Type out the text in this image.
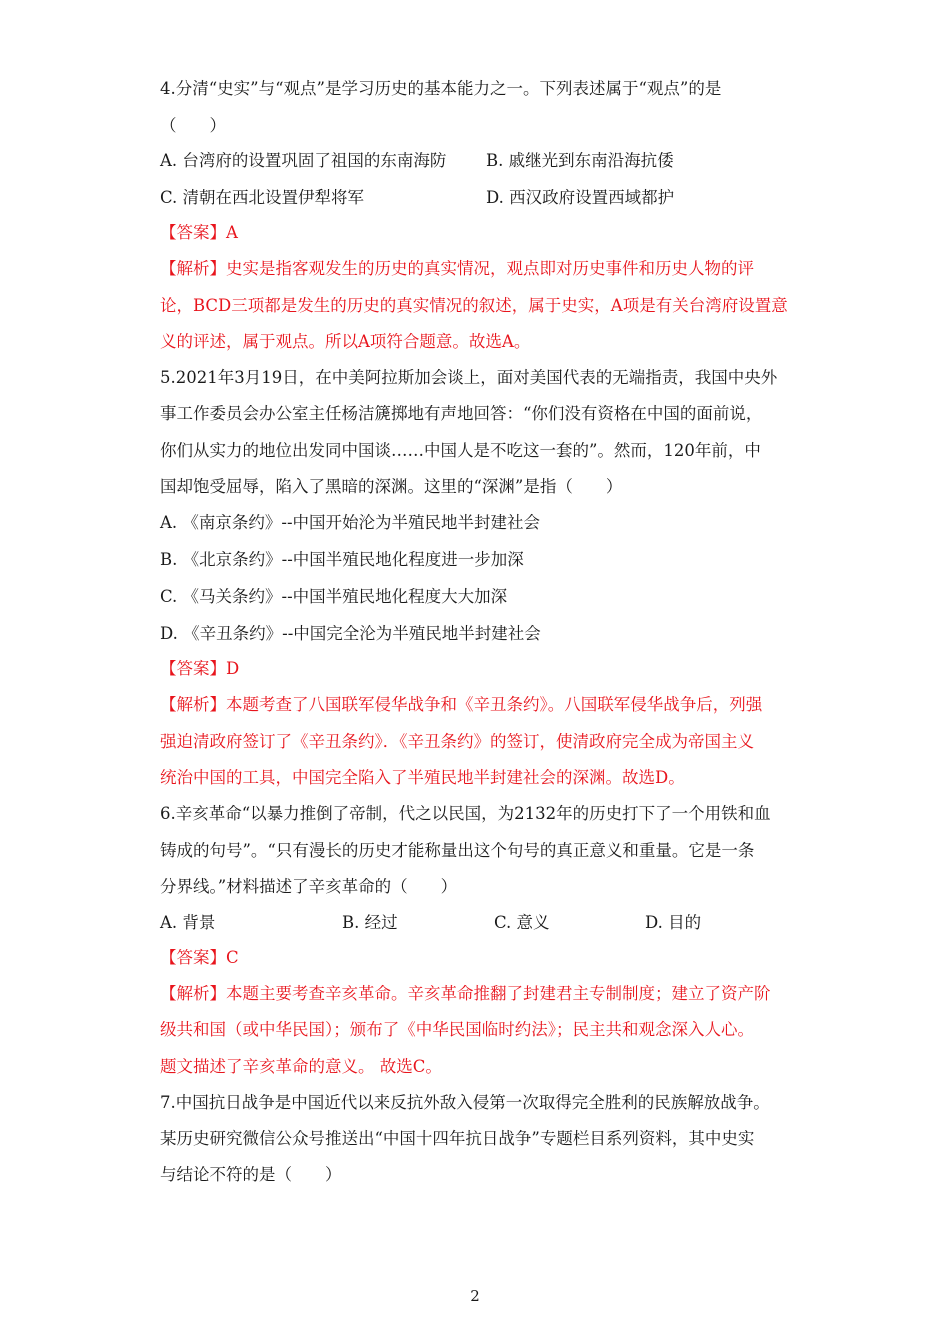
4.分清“史实”与“观点”是学习历史的基本能力之一。下列表述属于“观点”的是
（　　）
A. 台湾府的设置巩固了祖国的东南海防 B. 戚继光到东南沿海抗倭
C. 清朝在西北设置伊犁将军	D. 西汉政府设置西域都护
【答案】A
【解析】史实是指客观发生的历史的真实情况，观点即对历史事件和历史人物的评
论，BCD三项都是发生的历史的真实情况的叙述，属于史实，A项是有关台湾府设置意
义的评述，属于观点。所以A项符合题意。故选A。
5.2021年3月19日，在中美阿拉斯加会谈上，面对美国代表的无端指责，我国中央外
事工作委员会办公室主任杨洁篪掷地有声地回答：“你们没有资格在中国的面前说，
你们从实力的地位出发同中国谈……中国人是不吃这一套的”。然而，120年前，中
国却饱受屈辱，陷入了黑暗的深渊。这里的“深渊”是指（　　）
A. 《南京条约》--中国开始沦为半殖民地半封建社会
B. 《北京条约》--中国半殖民地化程度进一步加深
C. 《马关条约》--中国半殖民地化程度大大加深
D. 《辛丑条约》--中国完全沦为半殖民地半封建社会
【答案】D
【解析】本题考查了八国联军侵华战争和《辛丑条约》。八国联军侵华战争后，列强
强迫清政府签订了《辛丑条约》．《辛丑条约》的签订，使清政府完全成为帝国主义
统治中国的工具，中国完全陷入了半殖民地半封建社会的深渊。故选D。
6.辛亥革命“以暴力推倒了帝制，代之以民国，为2132年的历史打下了一个用铁和血
铸成的句号”。“只有漫长的历史才能称量出这个句号的真正意义和重量。它是一条
分界线。”材料描述了辛亥革命的（　　）
A. 背景	B. 经过	C. 意义	D. 目的
【答案】C
【解析】本题主要考查辛亥革命。辛亥革命推翻了封建君主专制制度；建立了资产阶
级共和国（或中华民国）；颁布了《中华民国临时约法》；民主共和观念深入人心。
题文描述了辛亥革命的意义。 故选C。
7.中国抗日战争是中国近代以来反抗外敌入侵第一次取得完全胜利的民族解放战争。
某历史研究微信公众号推送出“中国十四年抗日战争”专题栏目系列资料，其中史实
与结论不符的是（　　）
2
